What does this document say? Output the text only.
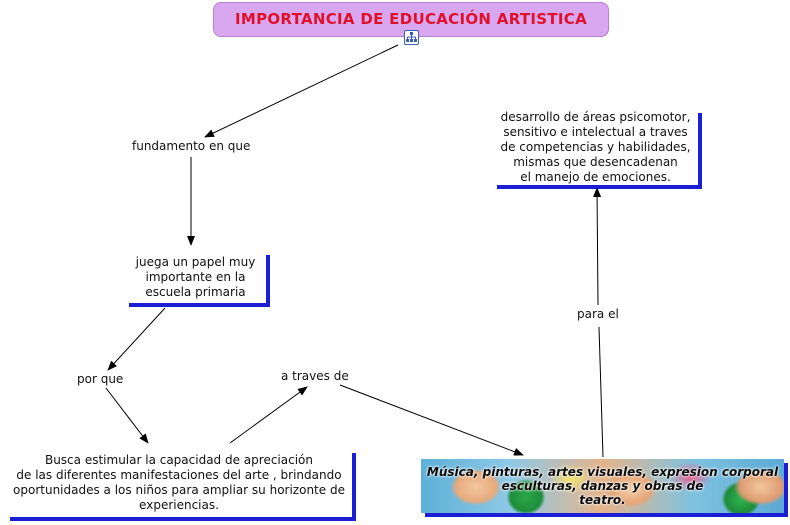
IMPORTANCIA DE EDUCACIÓN ARTISTICA
fundamento en que
juega un papel muy
importante en la
escuela primaria
por que	a traves de
Busca estimular la capacidad de apreciación
de las diferentes manifestaciones del arte , brindando
oportunidades a los niños para ampliar su horizonte de
experiencias.
desarrollo de áreas psicomotor,
sensitivo e intelectual a traves
de competencias y habilidades,
mismas que desencadenan
el manejo de emociones.
para el
Música, pinturas, artes visuales, expresion corporal
esculturas, danzas y obras de
teatro.
